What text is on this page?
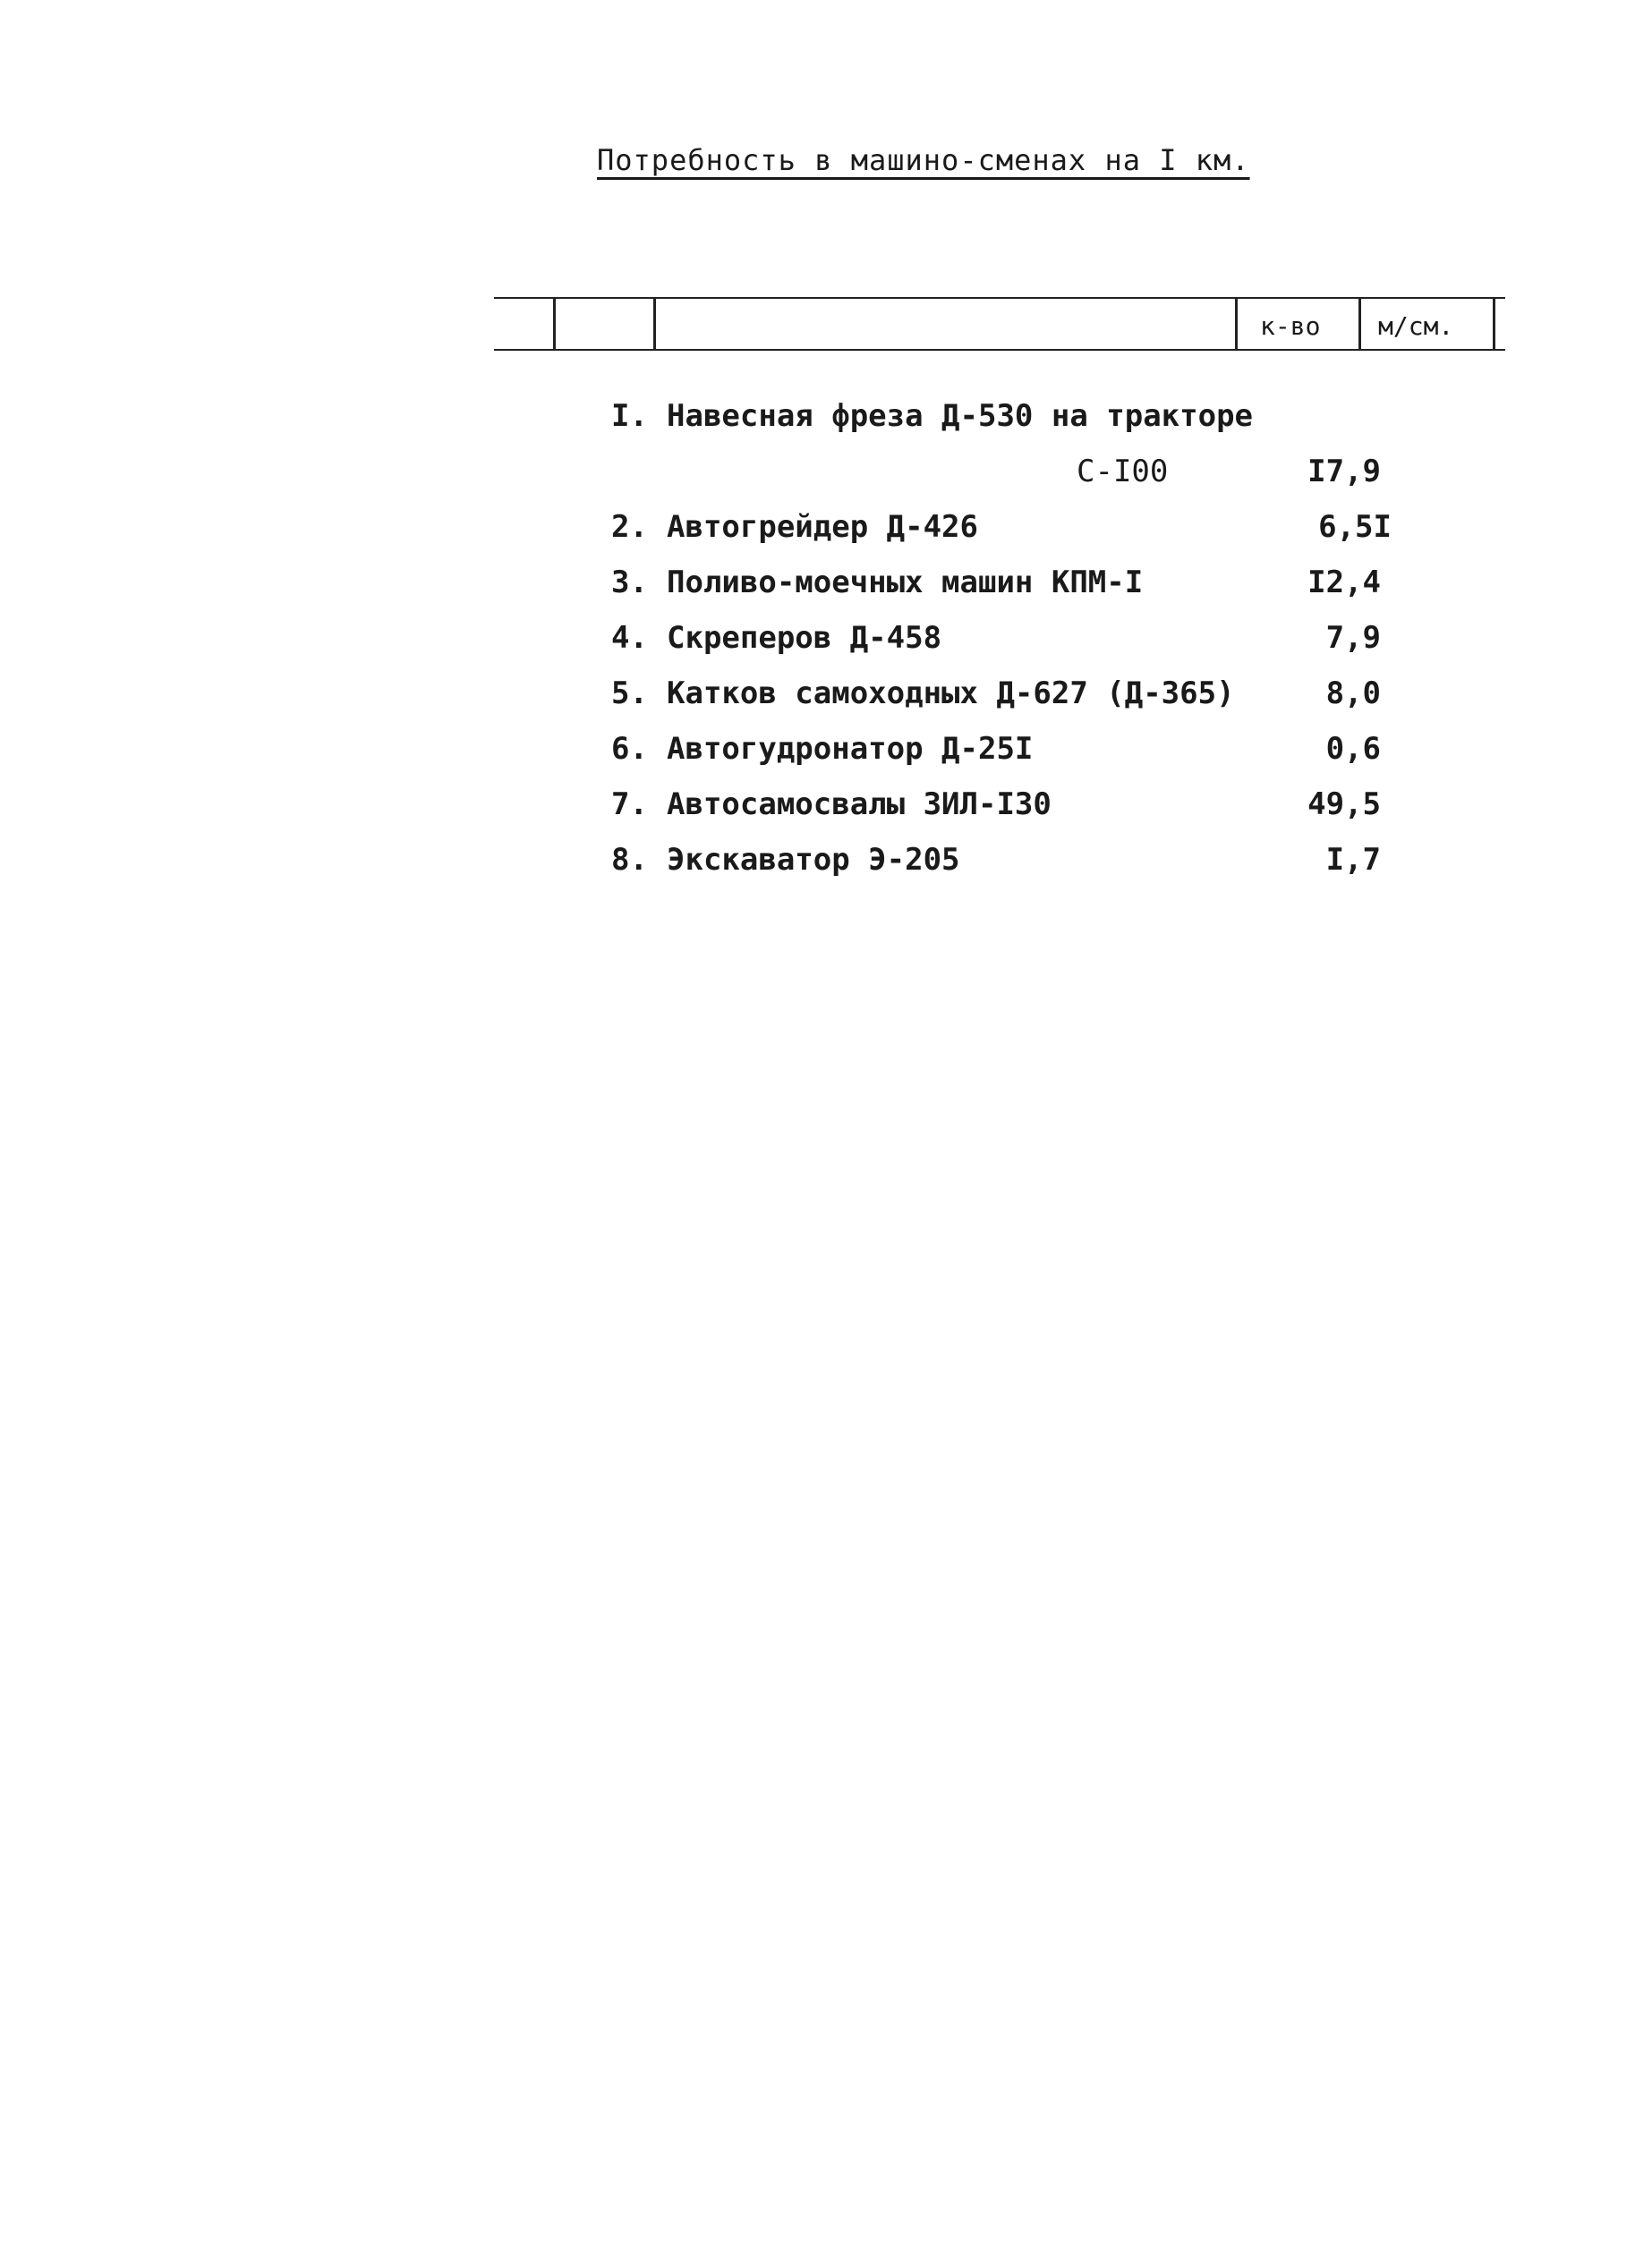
Потребность в машино-сменах на I км.
к-во м/см.
I. Навесная фреза Д-530 на тракторе
С-I00	I7,9
2. Автогрейдер Д-426	6,5I
3. Поливо-моечных машин КПМ-I	I2,4
4. Скреперов Д-458	7,9
5. Катков самоходных Д-627 (Д-365)	8,0
6. Автогудронатор Д-25I	0,6
7. Автосамосвалы ЗИЛ-I30	49,5
8. Экскаватор Э-205	I,7
